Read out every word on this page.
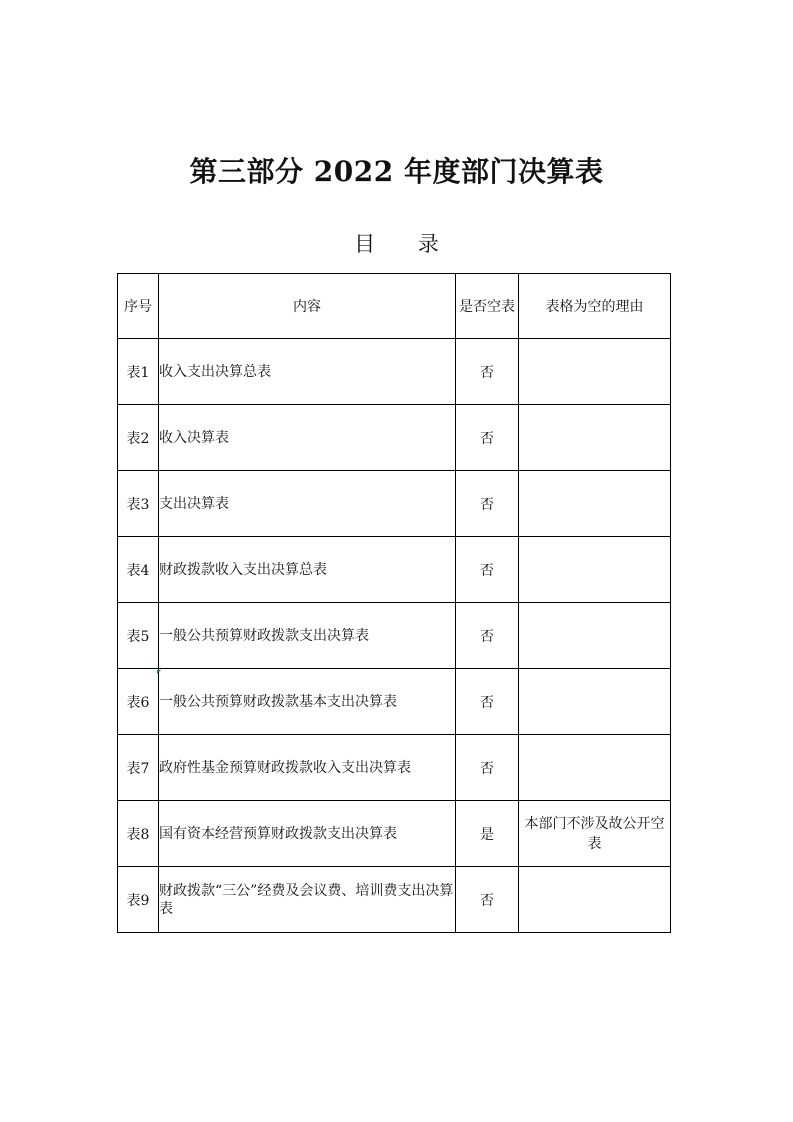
第三部分 2022 年度部门决算表
目 录
序号	内容	是否空表	表格为空的理由
表1	收入支出决算总表	否	
表2	收入决算表	否	
表3	支出决算表	否	
表4	财政拨款收入支出决算总表	否	
表5	一般公共预算财政拨款支出决算表	否	
表6	一般公共预算财政拨款基本支出决算表	否	
表7	政府性基金预算财政拨款收入支出决算表	否	
表8	国有资本经营预算财政拨款支出决算表	是	本部门不涉及故公开空表
表9	财政拨款“三公”经费及会议费、培训费支出决算表	否	
